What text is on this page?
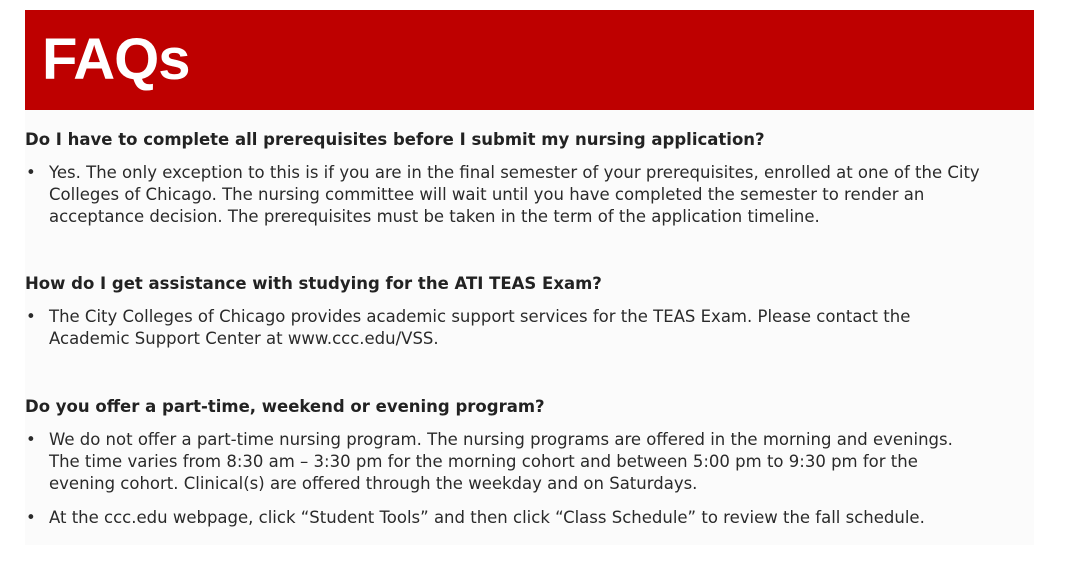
FAQs
Do I have to complete all prerequisites before I submit my nursing application?
• Yes. The only exception to this is if you are in the final semester of your prerequisites, enrolled at one of the City
Colleges of Chicago. The nursing committee will wait until you have completed the semester to render an
acceptance decision. The prerequisites must be taken in the term of the application timeline.
How do I get assistance with studying for the ATI TEAS Exam?
• The City Colleges of Chicago provides academic support services for the TEAS Exam. Please contact the
Academic Support Center at www.ccc.edu/VSS.
Do you offer a part-time, weekend or evening program?
• We do not offer a part-time nursing program. The nursing programs are offered in the morning and evenings.
The time varies from 8:30 am – 3:30 pm for the morning cohort and between 5:00 pm to 9:30 pm for the
evening cohort. Clinical(s) are offered through the weekday and on Saturdays.
• At the ccc.edu webpage, click “Student Tools” and then click “Class Schedule” to review the fall schedule.
